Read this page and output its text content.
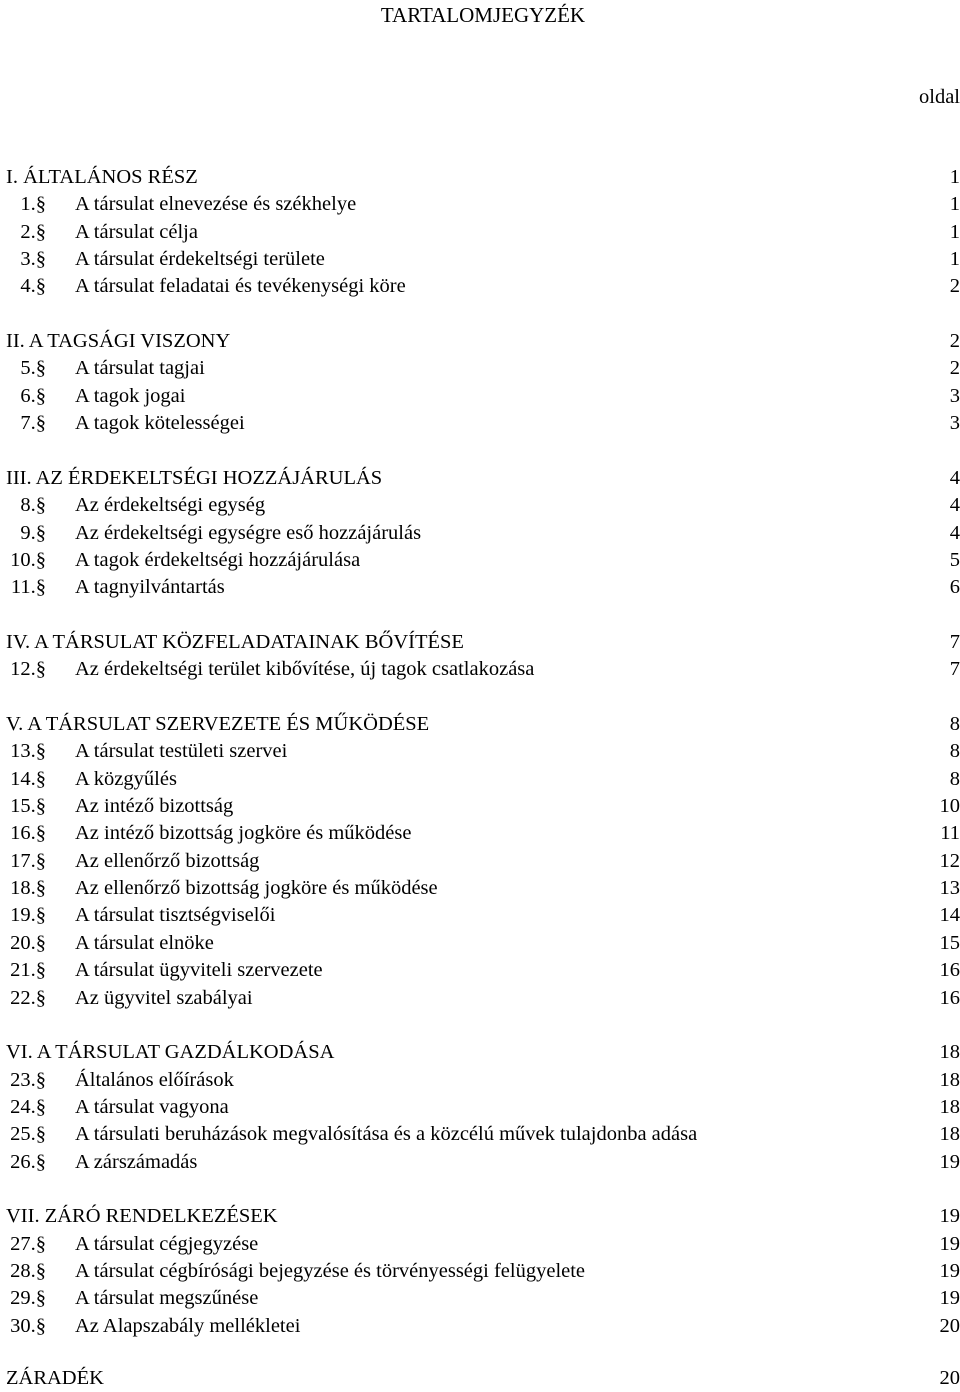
TARTALOMJEGYZÉK
oldal
I. ÁLTALÁNOS RÉSZ	1
1.§ A társulat elnevezése és székhelye	1
2.§ A társulat célja	1
3.§ A társulat érdekeltségi területe	1
4.§ A társulat feladatai és tevékenységi köre	2
II. A TAGSÁGI VISZONY	2
5.§ A társulat tagjai	2
6.§ A tagok jogai	3
7.§ A tagok kötelességei	3
III. AZ ÉRDEKELTSÉGI HOZZÁJÁRULÁS	4
8.§ Az érdekeltségi egység	4
9.§ Az érdekeltségi egységre eső hozzájárulás	4
10.§ A tagok érdekeltségi hozzájárulása	5
11.§ A tagnyilvántartás	6
IV. A TÁRSULAT KÖZFELADATAINAK BŐVÍTÉSE	7
12.§ Az érdekeltségi terület kibővítése, új tagok csatlakozása	7
V. A TÁRSULAT SZERVEZETE ÉS MŰKÖDÉSE	8
13.§ A társulat testületi szervei	8
14.§ A közgyűlés	8
15.§ Az intéző bizottság	10
16.§ Az intéző bizottság jogköre és működése	11
17.§ Az ellenőrző bizottság	12
18.§ Az ellenőrző bizottság jogköre és működése	13
19.§ A társulat tisztségviselői	14
20.§ A társulat elnöke	15
21.§ A társulat ügyviteli szervezete	16
22.§ Az ügyvitel szabályai	16
VI. A TÁRSULAT GAZDÁLKODÁSA	18
23.§ Általános előírások	18
24.§ A társulat vagyona	18
25.§ A társulati beruházások megvalósítása és a közcélú művek tulajdonba adása	18
26.§ A zárszámadás	19
VII. ZÁRÓ RENDELKEZÉSEK	19
27.§ A társulat cégjegyzése	19
28.§ A társulat cégbírósági bejegyzése és törvényességi felügyelete	19
29.§ A társulat megszűnése	19
30.§ Az Alapszabály mellékletei	20
ZÁRADÉK	20
